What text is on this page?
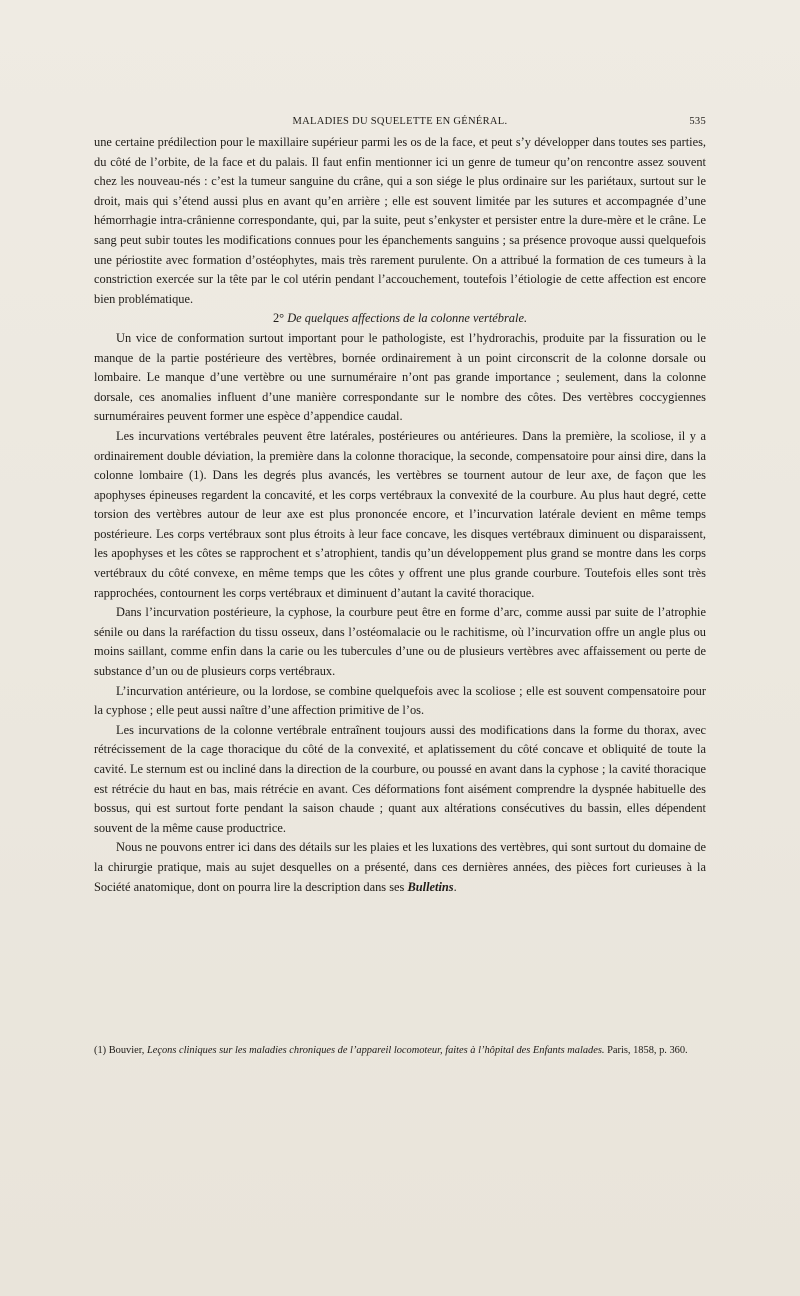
MALADIES DU SQUELETTE EN GÉNÉRAL.	535

une certaine prédilection pour le maxillaire supérieur parmi les os de la face, et peut s’y développer dans toutes ses parties, du côté de l’orbite, de la face et du palais. Il faut enfin mentionner ici un genre de tumeur qu’on rencontre assez souvent chez les nouveau-nés : c’est la tumeur sanguine du crâne, qui a son siége le plus ordinaire sur les pariétaux, surtout sur le droit, mais qui s’étend aussi plus en avant qu’en arrière ; elle est souvent limitée par les sutures et accompagnée d’une hémorrhagie intra-crânienne correspondante, qui, par la suite, peut s’enkyster et persister entre la dure-mère et le crâne. Le sang peut subir toutes les modifications connues pour les épanchements sanguins ; sa présence provoque aussi quelquefois une périostite avec formation d’ostéophytes, mais très rarement purulente. On a attribué la formation de ces tumeurs à la constriction exercée sur la tête par le col utérin pendant l’accouchement, toutefois l’étiologie de cette affection est encore bien problématique.

2° De quelques affections de la colonne vertébrale.

Un vice de conformation surtout important pour le pathologiste, est l’hydrorachis, produite par la fissuration ou le manque de la partie postérieure des vertèbres, bornée ordinairement à un point circonscrit de la colonne dorsale ou lombaire. Le manque d’une vertèbre ou une surnuméraire n’ont pas grande importance ; seulement, dans la colonne dorsale, ces anomalies influent d’une manière correspondante sur le nombre des côtes. Des vertèbres coccygiennes surnuméraires peuvent former une espèce d’appendice caudal.

Les incurvations vertébrales peuvent être latérales, postérieures ou antérieures. Dans la première, la scoliose, il y a ordinairement double déviation, la première dans la colonne thoracique, la seconde, compensatoire pour ainsi dire, dans la colonne lombaire (1). Dans les degrés plus avancés, les vertèbres se tournent autour de leur axe, de façon que les apophyses épineuses regardent la concavité, et les corps vertébraux la convexité de la courbure. Au plus haut degré, cette torsion des vertèbres autour de leur axe est plus prononcée encore, et l’incurvation latérale devient en même temps postérieure. Les corps vertébraux sont plus étroits à leur face concave, les disques vertébraux diminuent ou disparaissent, les apophyses et les côtes se rapprochent et s’atrophient, tandis qu’un développement plus grand se montre dans les corps vertébraux du côté convexe, en même temps que les côtes y offrent une plus grande courbure. Toutefois elles sont très rapprochées, contournent les corps vertébraux et diminuent d’autant la cavité thoracique.

Dans l’incurvation postérieure, la cyphose, la courbure peut être en forme d’arc, comme aussi par suite de l’atrophie sénile ou dans la raréfaction du tissu osseux, dans l’ostéomalacie ou le rachitisme, où l’incurvation offre un angle plus ou moins saillant, comme enfin dans la carie ou les tubercules d’une ou de plusieurs vertèbres avec affaissement ou perte de substance d’un ou de plusieurs corps vertébraux.

L’incurvation antérieure, ou la lordose, se combine quelquefois avec la scoliose ; elle est souvent compensatoire pour la cyphose ; elle peut aussi naître d’une affection primitive de l’os.

Les incurvations de la colonne vertébrale entraînent toujours aussi des modifications dans la forme du thorax, avec rétrécissement de la cage thoracique du côté de la convexité, et aplatissement du côté concave et obliquité de toute la cavité. Le sternum est ou incliné dans la direction de la courbure, ou poussé en avant dans la cyphose ; la cavité thoracique est rétrécie du haut en bas, mais rétrécie en avant. Ces déformations font aisément comprendre la dyspnée habituelle des bossus, qui est surtout forte pendant la saison chaude ; quant aux altérations consécutives du bassin, elles dépendent souvent de la même cause productrice.

Nous ne pouvons entrer ici dans des détails sur les plaies et les luxations des vertèbres, qui sont surtout du domaine de la chirurgie pratique, mais au sujet desquelles on a présenté, dans ces dernières années, des pièces fort curieuses à la Société anatomique, dont on pourra lire la description dans ses Bulletins.

(1) Bouvier, Leçons cliniques sur les maladies chroniques de l’appareil locomoteur, faites à l’hôpital des Enfants malades. Paris, 1858, p. 360.
